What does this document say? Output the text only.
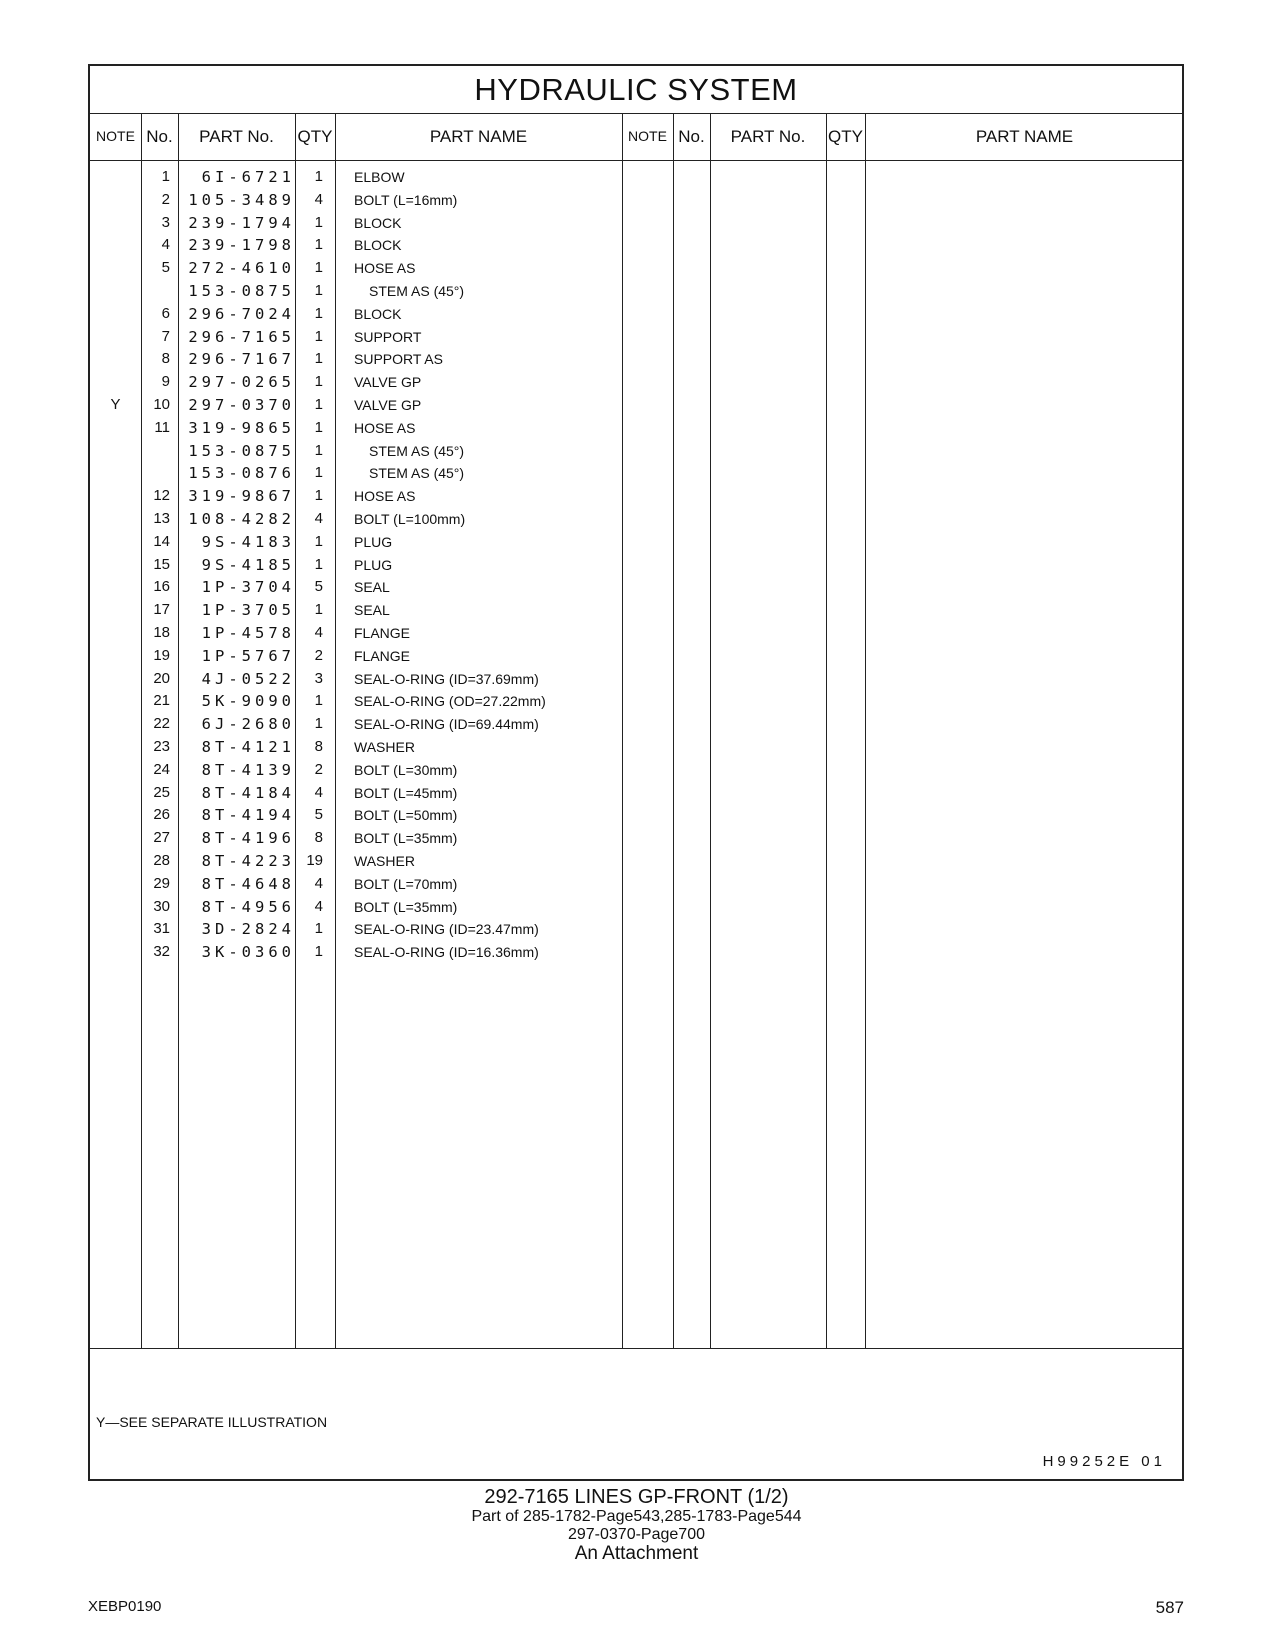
HYDRAULIC SYSTEM
NOTE No.	PART No.	QTY	PART NAME	NOTE No.	PART No.	QTY	PART NAME
1	6I-6721	1 ELBOW
2	105-3489	4 BOLT (L=16mm)
3	239-1794	1 BLOCK
4	239-1798	1 BLOCK
5	272-4610	1 HOSE AS
153-0875	1	STEM AS (45°)
6	296-7024	1 BLOCK
7	296-7165	1 SUPPORT
8	296-7167	1 SUPPORT AS
9	297-0265	1 VALVE GP
Y	10	297-0370	1 VALVE GP
11	319-9865	1 HOSE AS
153-0875	1	STEM AS (45°)
153-0876	1	STEM AS (45°)
12	319-9867	1 HOSE AS
13	108-4282	4 BOLT (L=100mm)
14	9S-4183	1 PLUG
15	9S-4185	1 PLUG
16	1P-3704	5 SEAL
17	1P-3705	1 SEAL
18	1P-4578	4 FLANGE
19	1P-5767	2 FLANGE
20	4J-0522	3 SEAL-O-RING (ID=37.69mm)
21	5K-9090	1 SEAL-O-RING (OD=27.22mm)
22	6J-2680	1 SEAL-O-RING (ID=69.44mm)
23	8T-4121	8 WASHER
24	8T-4139	2 BOLT (L=30mm)
25	8T-4184	4 BOLT (L=45mm)
26	8T-4194	5 BOLT (L=50mm)
27	8T-4196	8 BOLT (L=35mm)
28	8T-4223 19 WASHER
29	8T-4648	4 BOLT (L=70mm)
30	8T-4956	4 BOLT (L=35mm)
31	3D-2824	1 SEAL-O-RING (ID=23.47mm)
32	3K-0360	1 SEAL-O-RING (ID=16.36mm)
Y—SEE SEPARATE ILLUSTRATION
H99252E 01
292-7165 LINES GP-FRONT (1/2)
Part of 285-1782-Page543,285-1783-Page544
297-0370-Page700
An Attachment
XEBP0190	587
